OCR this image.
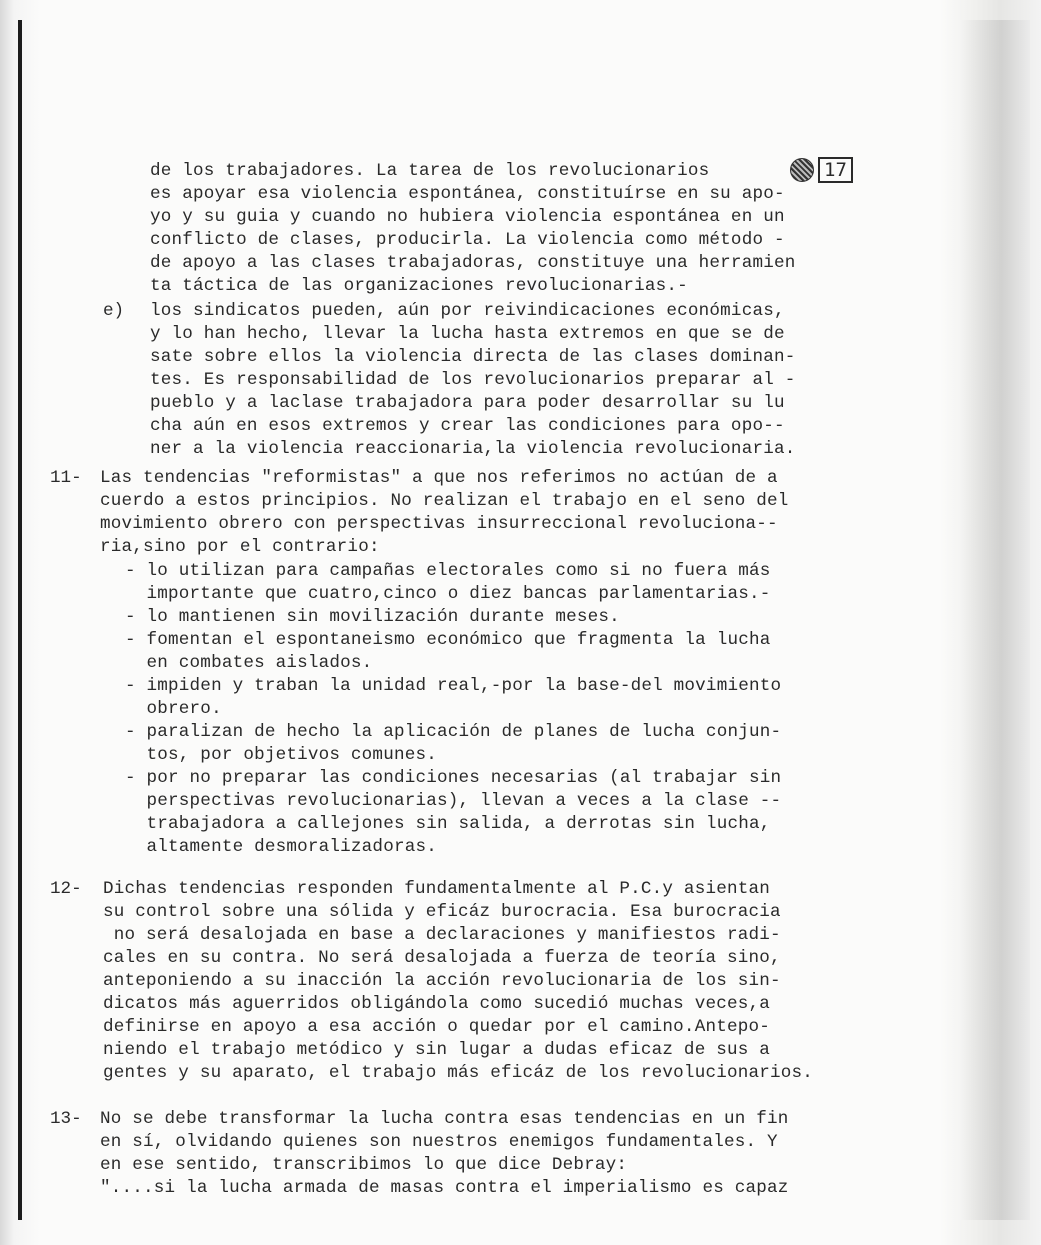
17
de los trabajadores. La tarea de los revolucionarios
es apoyar esa violencia espontánea, constituírse en su apo-
yo y su guia y cuando no hubiera violencia espontánea en un
conflicto de clases, producirla. La violencia como método -
de apoyo a las clases trabajadoras, constituye una herramien
ta táctica de las organizaciones revolucionarias.-
e) los sindicatos pueden, aún por reivindicaciones económicas,
y lo han hecho, llevar la lucha hasta extremos en que se de
sate sobre ellos la violencia directa de las clases dominan-
tes. Es responsabilidad de los revolucionarios preparar al -
pueblo y a laclase trabajadora para poder desarrollar su lu
cha aún en esos extremos y crear las condiciones para opo--
ner a la violencia reaccionaria,la violencia revolucionaria.
11- Las tendencias "reformistas" a que nos referimos no actúan de a
cuerdo a estos principios. No realizan el trabajo en el seno del
movimiento obrero con perspectivas insurreccional revoluciona--
ria,sino por el contrario:
- lo utilizan para campañas electorales como si no fuera más
importante que cuatro,cinco o diez bancas parlamentarias.-
- lo mantienen sin movilización durante meses.
- fomentan el espontaneismo económico que fragmenta la lucha
en combates aislados.
- impiden y traban la unidad real,-por la base-del movimiento
obrero.
- paralizan de hecho la aplicación de planes de lucha conjun-
tos, por objetivos comunes.
- por no preparar las condiciones necesarias (al trabajar sin
perspectivas revolucionarias), llevan a veces a la clase --
trabajadora a callejones sin salida, a derrotas sin lucha,
altamente desmoralizadoras.
12- Dichas tendencias responden fundamentalmente al P.C.y asientan
su control sobre una sólida y eficáz burocracia. Esa burocracia
no será desalojada en base a declaraciones y manifiestos radi-
cales en su contra. No será desalojada a fuerza de teoría sino,
anteponiendo a su inacción la acción revolucionaria de los sin-
dicatos más aguerridos obligándola como sucedió muchas veces,a
definirse en apoyo a esa acción o quedar por el camino.Antepo-
niendo el trabajo metódico y sin lugar a dudas eficaz de sus a
gentes y su aparato, el trabajo más eficáz de los revolucionarios.
13- No se debe transformar la lucha contra esas tendencias en un fin
en sí, olvidando quienes son nuestros enemigos fundamentales. Y
en ese sentido, transcribimos lo que dice Debray:
"....si la lucha armada de masas contra el imperialismo es capaz
